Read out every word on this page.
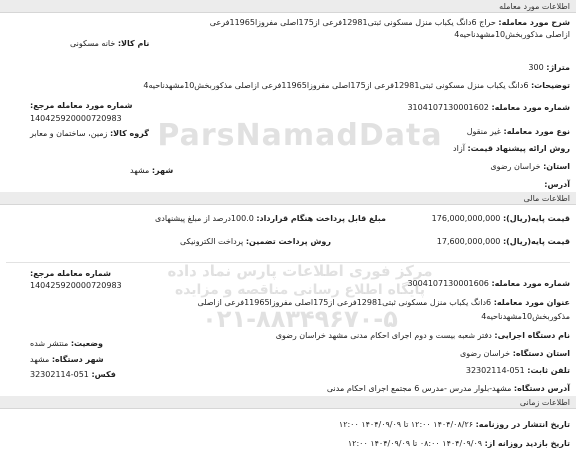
اطلاعات مورد معامله
شرح مورد معامله: حراج 6دانگ یکباب منزل مسکونی ثبتی12981فرعی از175اصلی مفروزا11965فرعی
ازاصلی مذکوربخش10مشهدناحیه4
نام کالا: خانه مسکونی
متراژ: 300
توضیحات: 6دانگ یکباب منزل مسکونی ثبتی12981فرعی از175اصلی مفروزا11965فرعی ازاصلی مذکوربخش10مشهدناحیه4
شماره مورد معامله مرجع:	شماره مورد معامله: 3104107130001602
140425920000720983
گروه کالا: زمین، ساختمان و معابر	نوع مورد معامله: غیر منقول
روش ارائه پیشنهاد قیمت: آزاد
استان: خراسان رضوی
شهر: مشهد
آدرس:
اطلاعات مالی
قیمت پایه(ریال): 176,000,000,000
مبلغ قابل پرداخت هنگام قرارداد: 100.0درصد از مبلغ پیشنهادی
قیمت پایه(ریال): 17,600,000,000
روش پرداخت تضمین: پرداخت الکترونیکی
شماره معامله مرجع:
شماره مورد معامله: 3004107130001606
140425920000720983
عنوان مورد معامله: 6دانگ یکباب منزل مسکونی ثبتی12981فرعی از175اصلی مفروزا11965فرعی ازاصلی
مذکوربخش10مشهدناحیه4
نام دستگاه اجرایی: دفتر شعبه بیست و دوم اجرای احکام مدنی مشهد خراسان رضوی
وضعیت: منتشر شده
استان دستگاه: خراسان رضوی
شهر دستگاه: مشهد
تلفن ثابت: 051-32302114
فکس: 051-32302114
آدرس دستگاه: مشهد-بلوار مدرس -مدرس 6 مجتمع اجرای احکام مدنی
اطلاعات زمانی
تاریخ انتشار در روزنامه: ۱۴۰۴/۰۸/۲۶ ۱۲:۰۰ تا ۱۴۰۴/۰۹/۰۹ ۱۲:۰۰
تاریخ بازدید روزانه از: ۱۴۰۴/۰۹/۰۹ ۰۸:۰۰ تا ۱۴۰۴/۰۹/۰۹ ۱۲:۰۰
ParsNamadData
مرکز فوری اطلاعات پارس نماد داده
پایگاه اطلاع رسانی مناقصه و مزایده
۰۲۱-۸۸۳۴۹۶۷۰-۵
